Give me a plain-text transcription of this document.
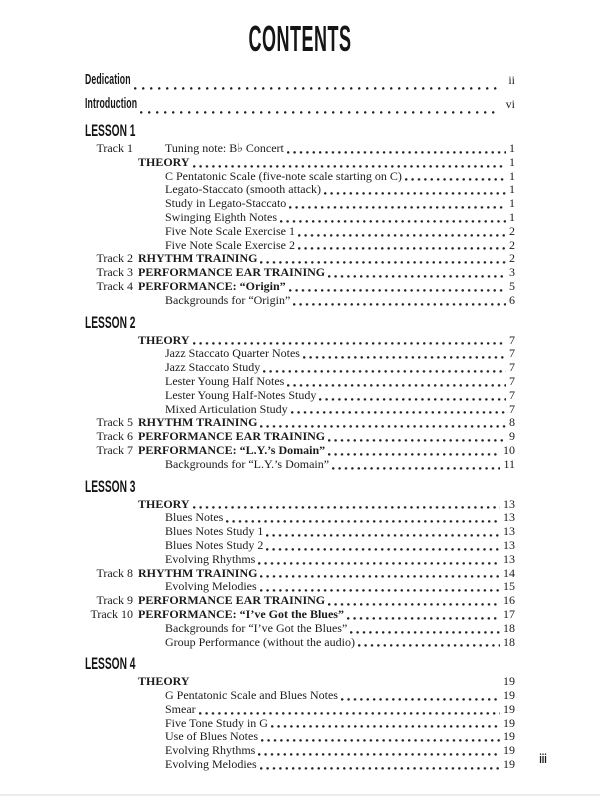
CONTENTS
Dedication	ii
Introduction	vi
LESSON 1
Track 1	Tuning note: B♭ Concert	1
THEORY	1
C Pentatonic Scale (five-note scale starting on C)	1
Legato-Staccato (smooth attack)	1
Study in Legato-Staccato	1
Swinging Eighth Notes	1
Five Note Scale Exercise 1	2
Five Note Scale Exercise 2	2
Track 2 RHYTHM TRAINING	2
Track 3 PERFORMANCE EAR TRAINING	3
Track 4 PERFORMANCE: “Origin”	5
Backgrounds for “Origin”	6
LESSON 2
THEORY	7
Jazz Staccato Quarter Notes	7
Jazz Staccato Study	7
Lester Young Half Notes	7
Lester Young Half-Notes Study	7
Mixed Articulation Study	7
Track 5 RHYTHM TRAINING	8
Track 6 PERFORMANCE EAR TRAINING	9
Track 7 PERFORMANCE: “L.Y.’s Domain”	10
Backgrounds for “L.Y.’s Domain”	11
LESSON 3
THEORY	13
Blues Notes	13
Blues Notes Study 1	13
Blues Notes Study 2	13
Evolving Rhythms	13
Track 8 RHYTHM TRAINING	14
Evolving Melodies	15
Track 9 PERFORMANCE EAR TRAINING	16
Track 10 PERFORMANCE: “I’ve Got the Blues”	17
Backgrounds for “I’ve Got the Blues”	18
Group Performance (without the audio)	18
LESSON 4
THEORY	19
G Pentatonic Scale and Blues Notes	19
Smear	19
Five Tone Study in G	19
Use of Blues Notes	19
Evolving Rhythms	19
Evolving Melodies	19 iii
